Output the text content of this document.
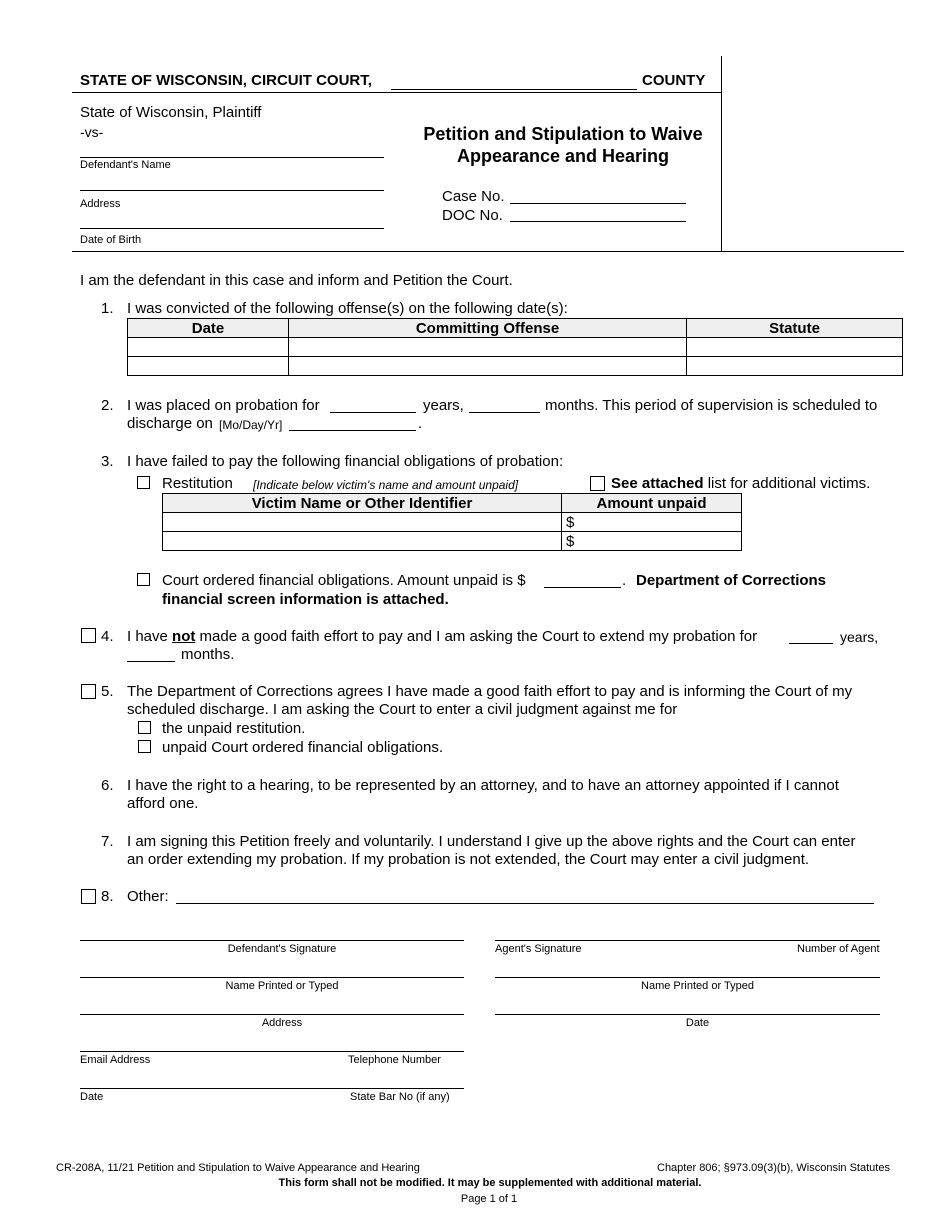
STATE OF WISCONSIN, CIRCUIT COURT,	COUNTY
State of Wisconsin, Plaintiff
-vs-
Defendant's Name
Address
Date of Birth
Petition and Stipulation to Waive
Appearance and Hearing
Case No.
DOC No.
I am the defendant in this case and inform and Petition the Court.
1. I was convicted of the following offense(s) on the following date(s):
Date	Committing Offense	Statute

2. I was placed on probation for	years,	months. This period of supervision is scheduled to
discharge on [Mo/Day/Yr]	.
3. I have failed to pay the following financial obligations of probation:
Restitution [Indicate below victim's name and amount unpaid]	See attached list for additional victims.
Victim Name or Other Identifier	Amount unpaid
	$
	$
Court ordered financial obligations. Amount unpaid is $	. Department of Corrections
financial screen information is attached.
4. I have not made a good faith effort to pay and I am asking the Court to extend my probation for	years,
months.
5. The Department of Corrections agrees I have made a good faith effort to pay and is informing the Court of my
scheduled discharge. I am asking the Court to enter a civil judgment against me for
the unpaid restitution.
unpaid Court ordered financial obligations.
6. I have the right to a hearing, to be represented by an attorney, and to have an attorney appointed if I cannot
afford one.
7. I am signing this Petition freely and voluntarily. I understand I give up the above rights and the Court can enter
an order extending my probation. If my probation is not extended, the Court may enter a civil judgment.
8. Other:
Defendant's Signature
Name Printed or Typed
Address
Email Address	Telephone Number
Date	State Bar No (if any)
Agent's Signature	Number of Agent
Name Printed or Typed
Date
CR-208A, 11/21 Petition and Stipulation to Waive Appearance and Hearing	Chapter 806; §973.09(3)(b), Wisconsin Statutes
This form shall not be modified. It may be supplemented with additional material.
Page 1 of 1
